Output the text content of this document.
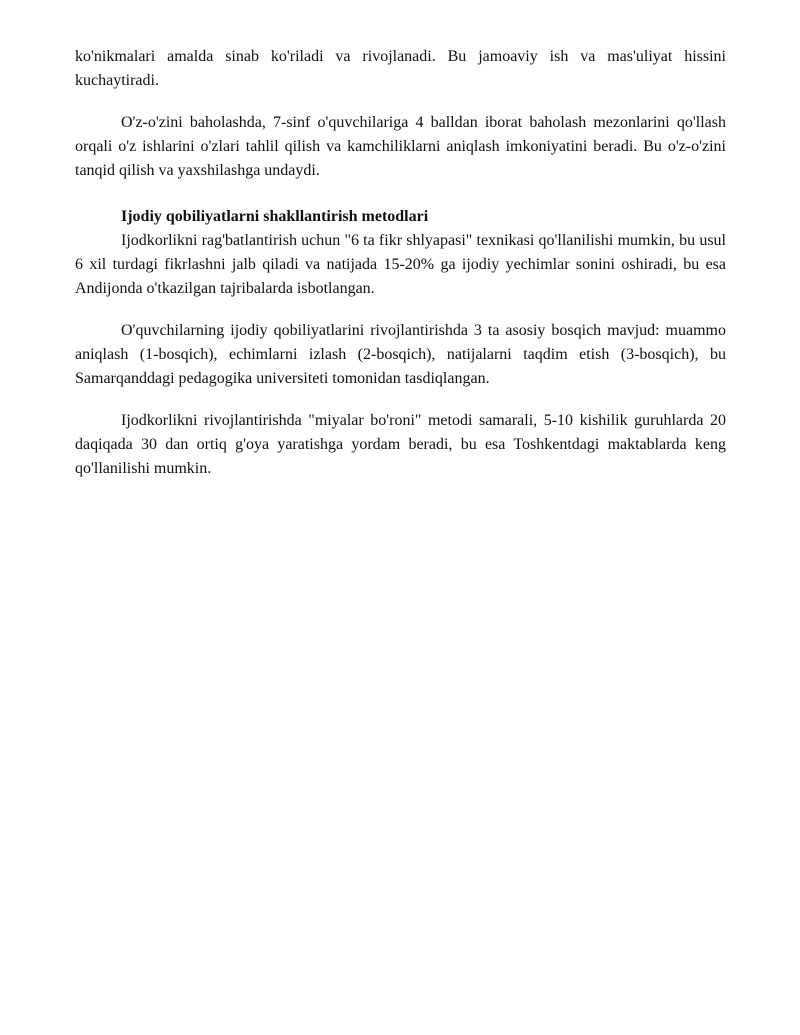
ko'nikmalari amalda sinab ko'riladi va rivojlanadi. Bu jamoaviy ish va mas'uliyat hissini kuchaytiradi.

O'z-o'zini baholashda, 7-sinf o'quvchilariga 4 balldan iborat baholash mezonlarini qo'llash orqali o'z ishlarini o'zlari tahlil qilish va kamchiliklarni aniqlash imkoniyatini beradi. Bu o'z-o'zini tanqid qilish va yaxshilashga undaydi.

Ijodiy qobiliyatlarni shakllantirish metodlari

Ijodkorlikni rag'batlantirish uchun "6 ta fikr shlyapasi" texnikasi qo'llanilishi mumkin, bu usul 6 xil turdagi fikrlashni jalb qiladi va natijada 15-20% ga ijodiy yechimlar sonini oshiradi, bu esa Andijonda o'tkazilgan tajribalarda isbotlangan.

O'quvchilarning ijodiy qobiliyatlarini rivojlantirishda 3 ta asosiy bosqich mavjud: muammo aniqlash (1-bosqich), echimlarni izlash (2-bosqich), natijalarni taqdim etish (3-bosqich), bu Samarqanddagi pedagogika universiteti tomonidan tasdiqlangan.

Ijodkorlikni rivojlantirishda "miyalar bo'roni" metodi samarali, 5-10 kishilik guruhlarda 20 daqiqada 30 dan ortiq g'oya yaratishga yordam beradi, bu esa Toshkentdagi maktablarda keng qo'llanilishi mumkin.
